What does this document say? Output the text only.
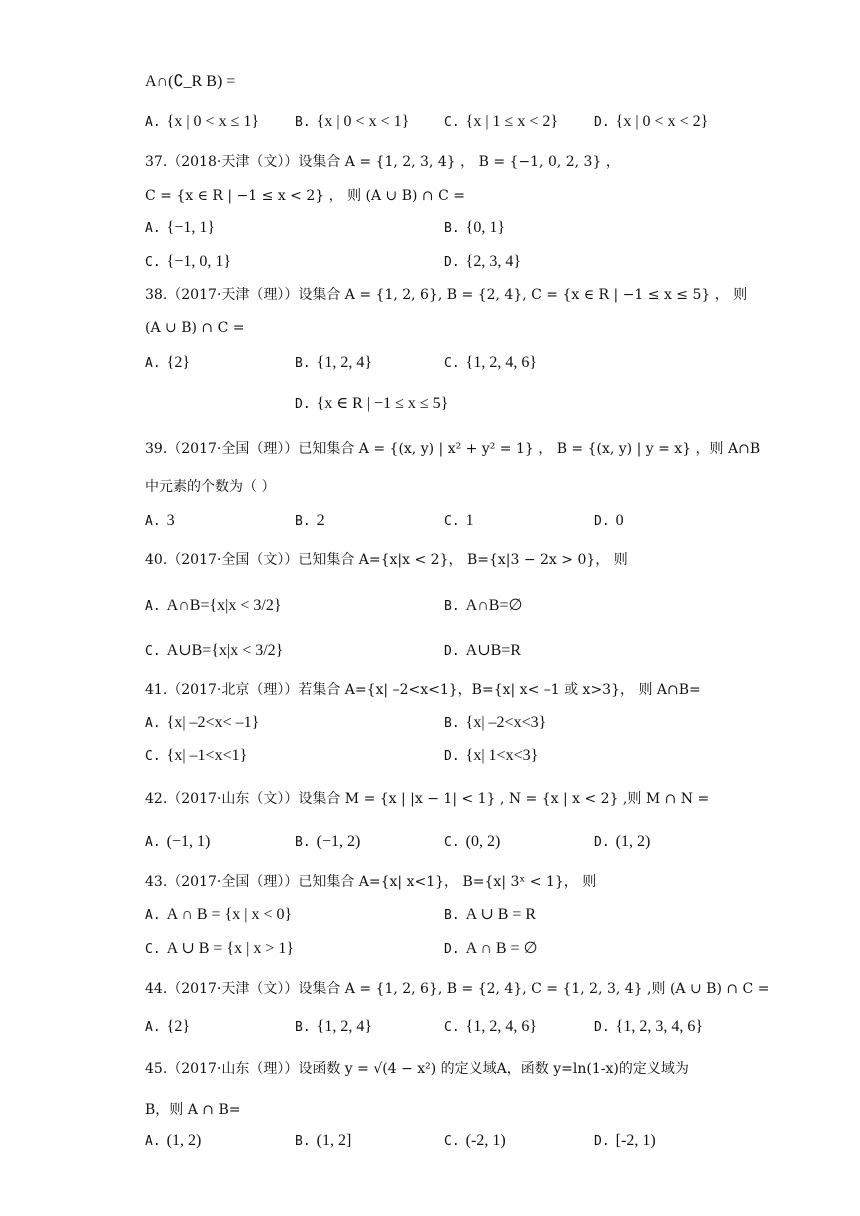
A∩(∁_R B) =
A. {x | 0 < x ≤ 1}	B. {x | 0 < x < 1}	C. {x | 1 ≤ x < 2}	D. {x | 0 < x < 2}
37.（2018·天津（文））设集合 A = {1, 2, 3, 4} ， B = {−1, 0, 2, 3} ，
C = {x ∈ R | −1 ≤ x < 2} ， 则 (A ∪ B) ∩ C =
A. {−1, 1}	B. {0, 1}
C. {−1, 0, 1}	D. {2, 3, 4}
38.（2017·天津（理））设集合 A = {1, 2, 6}, B = {2, 4}, C = {x ∈ R | −1 ≤ x ≤ 5} ， 则
(A ∪ B) ∩ C =
A. {2}	B. {1, 2, 4}	C. {1, 2, 4, 6}
D. {x ∈ R | −1 ≤ x ≤ 5}
39.（2017·全国（理））已知集合 A = {(x, y) | x² + y² = 1} ， B = {(x, y) | y = x} ，则 A∩B
中元素的个数为（ ）
A. 3	B. 2	C. 1	D. 0
40.（2017·全国（文））已知集合 A={x|x < 2}， B={x|3 − 2x > 0}， 则
A. A∩B={x|x < 3/2}	B. A∩B=∅
C. A∪B={x|x < 3/2}	D. A∪B=R
41.（2017·北京（理））若集合 A={x| –2<x<1}，B={x| x< –1 或 x>3}， 则 A∩B=
A. {x| –2<x< –1}	B. {x| –2<x<3}
C. {x| –1<x<1}	D. {x| 1<x<3}
42.（2017·山东（文））设集合 M = {x | |x − 1| < 1} , N = {x | x < 2} ,则 M ∩ N =
A. (−1, 1)	B. (−1, 2)	C. (0, 2)	D. (1, 2)
43.（2017·全国（理））已知集合 A={x| x<1}， B={x| 3ˣ < 1}， 则
A. A ∩ B = {x | x < 0}	B. A ∪ B = R
C. A ∪ B = {x | x > 1}	D. A ∩ B = ∅
44.（2017·天津（文））设集合 A = {1, 2, 6}, B = {2, 4}, C = {1, 2, 3, 4} ,则 (A ∪ B) ∩ C =
A. {2}	B. {1, 2, 4}	C. {1, 2, 4, 6}	D. {1, 2, 3, 4, 6}
45.（2017·山东（理））设函数 y = √(4 − x²) 的定义域A，函数 y=ln(1-x)的定义域为
B，则 A ∩ B=
A. (1, 2)	B. (1, 2]	C. (-2, 1)	D. [-2, 1)
